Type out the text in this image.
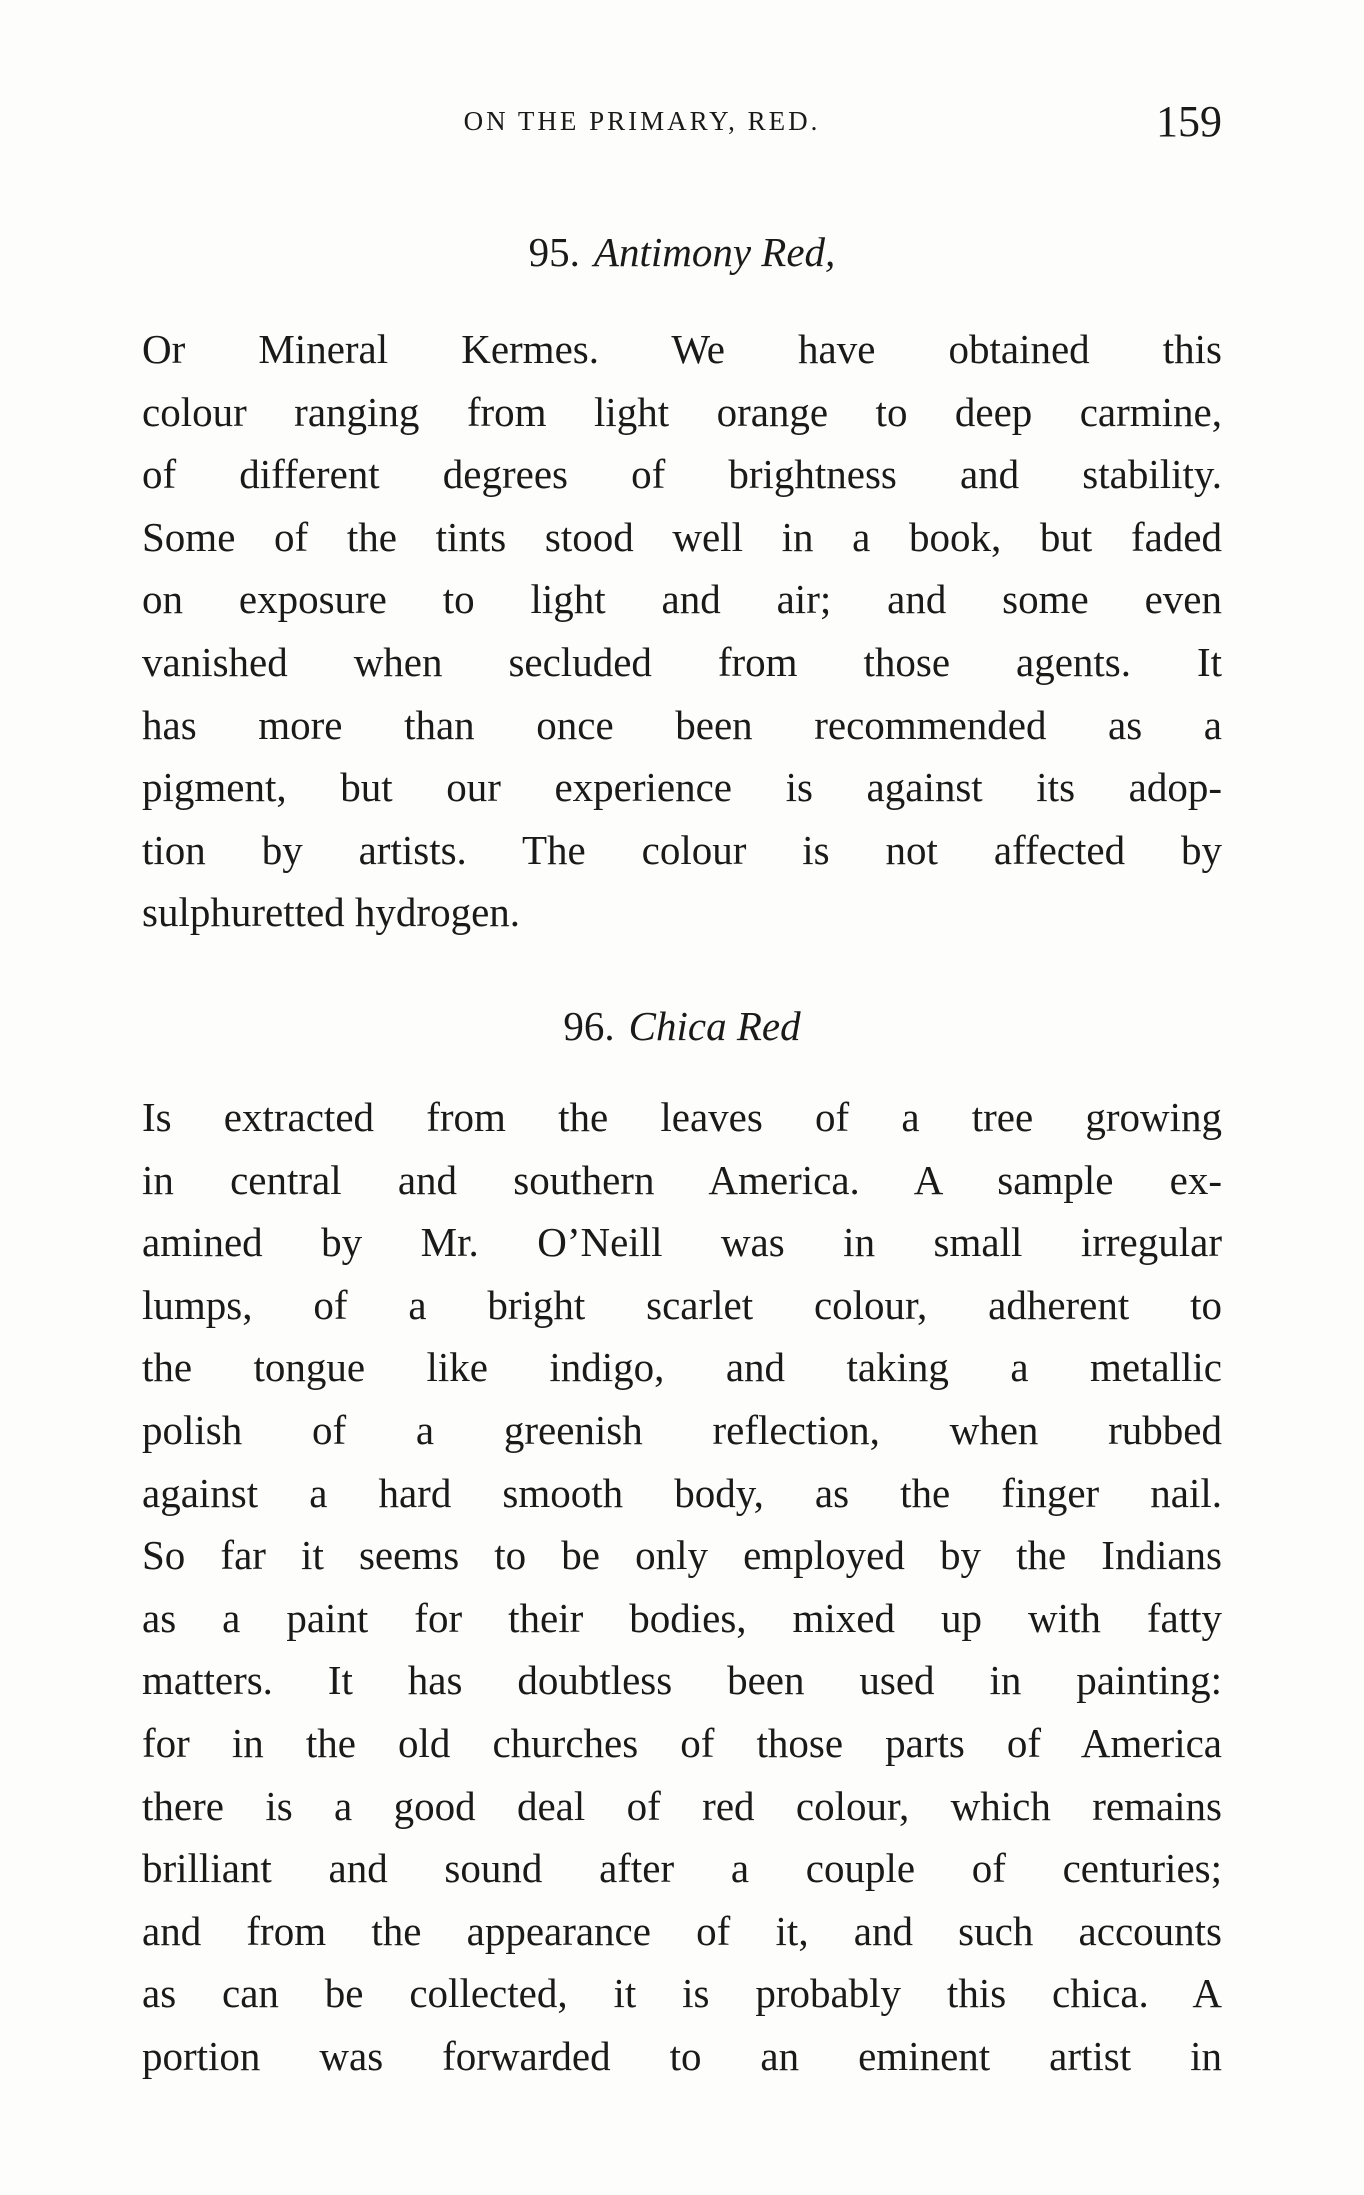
ON THE PRIMARY, RED.	159
95. Antimony Red,
Or Mineral Kermes. We have obtained this
colour ranging from light orange to deep carmine,
of different degrees of brightness and stability.
Some of the tints stood well in a book, but faded
on exposure to light and air; and some even
vanished when secluded from those agents. It
has more than once been recommended as a
pigment, but our experience is against its adop-
tion by artists. The colour is not affected by
sulphuretted hydrogen.
96. Chica Red
Is extracted from the leaves of a tree growing
in central and southern America. A sample ex-
amined by Mr. O’Neill was in small irregular
lumps, of a bright scarlet colour, adherent to
the tongue like indigo, and taking a metallic
polish of a greenish reflection, when rubbed
against a hard smooth body, as the finger nail.
So far it seems to be only employed by the Indians
as a paint for their bodies, mixed up with fatty
matters. It has doubtless been used in painting:
for in the old churches of those parts of America
there is a good deal of red colour, which remains
brilliant and sound after a couple of centuries;
and from the appearance of it, and such accounts
as can be collected, it is probably this chica. A
portion was forwarded to an eminent artist in
